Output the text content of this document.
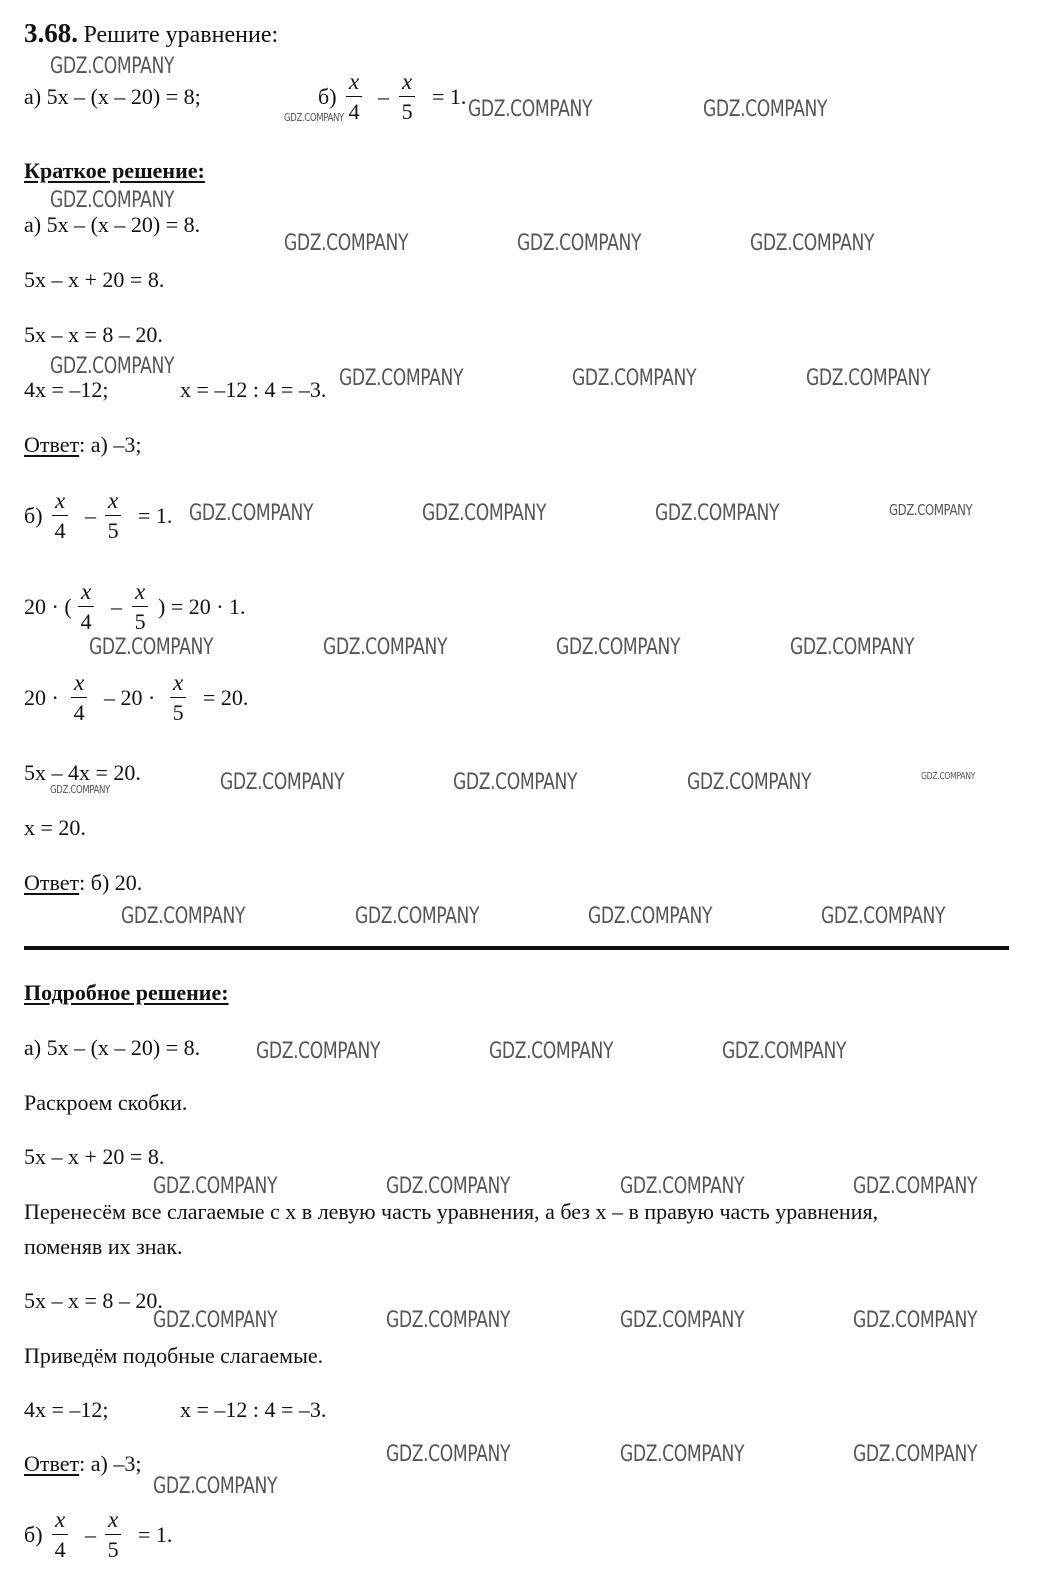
3.68. Решите уравнение:
а) 5x – (x – 20) = 8;	б)
x
4
–
x
5
= 1.
Краткое решение:
а) 5x – (x – 20) = 8.
5x – x + 20 = 8.
5x – x = 8 – 20.
4x = –12;	x = –12 : 4 = –3.
Ответ: а) –3;
б)
x
4
–
x
5
= 1.
20 · (
x
4
–
x
5
) = 20 · 1.
20 ·
x
4
– 20 ·
x
5
= 20.
5x – 4x = 20.
x = 20.
Ответ: б) 20.
Подробное решение:
а) 5x – (x – 20) = 8.
Раскроем скобки.
5x – x + 20 = 8.
Перенесём все слагаемые с x в левую часть уравнения, а без x – в правую часть уравнения,
поменяв их знак.
5x – x = 8 – 20.
Приведём подобные слагаемые.
4x = –12;	x = –12 : 4 = –3.
Ответ: а) –3;
б)
x
4
–
x
5
= 1.
GDZ.COMPANY
GDZ.COMPANY	GDZ.COMPANY	GDZ.COMPANY
GDZ.COMPANY
GDZ.COMPANY	GDZ.COMPANY	GDZ.COMPANY
GDZ.COMPANY	GDZ.COMPANY	GDZ.COMPANY	GDZ.COMPANY
GDZ.COMPANY	GDZ.COMPANY	GDZ.COMPANY	GDZ.COMPANY
GDZ.COMPANY	GDZ.COMPANY	GDZ.COMPANY	GDZ.COMPANY
GDZ.COMPANY	GDZ.COMPANY	GDZ.COMPANY	GDZ.COMPANY	GDZ.COMPANY
GDZ.COMPANY	GDZ.COMPANY	GDZ.COMPANY	GDZ.COMPANY
GDZ.COMPANY	GDZ.COMPANY	GDZ.COMPANY
GDZ.COMPANY	GDZ.COMPANY	GDZ.COMPANY	GDZ.COMPANY
GDZ.COMPANY	GDZ.COMPANY	GDZ.COMPANY	GDZ.COMPANY
GDZ.COMPANY	GDZ.COMPANY	GDZ.COMPANY
GDZ.COMPANY
